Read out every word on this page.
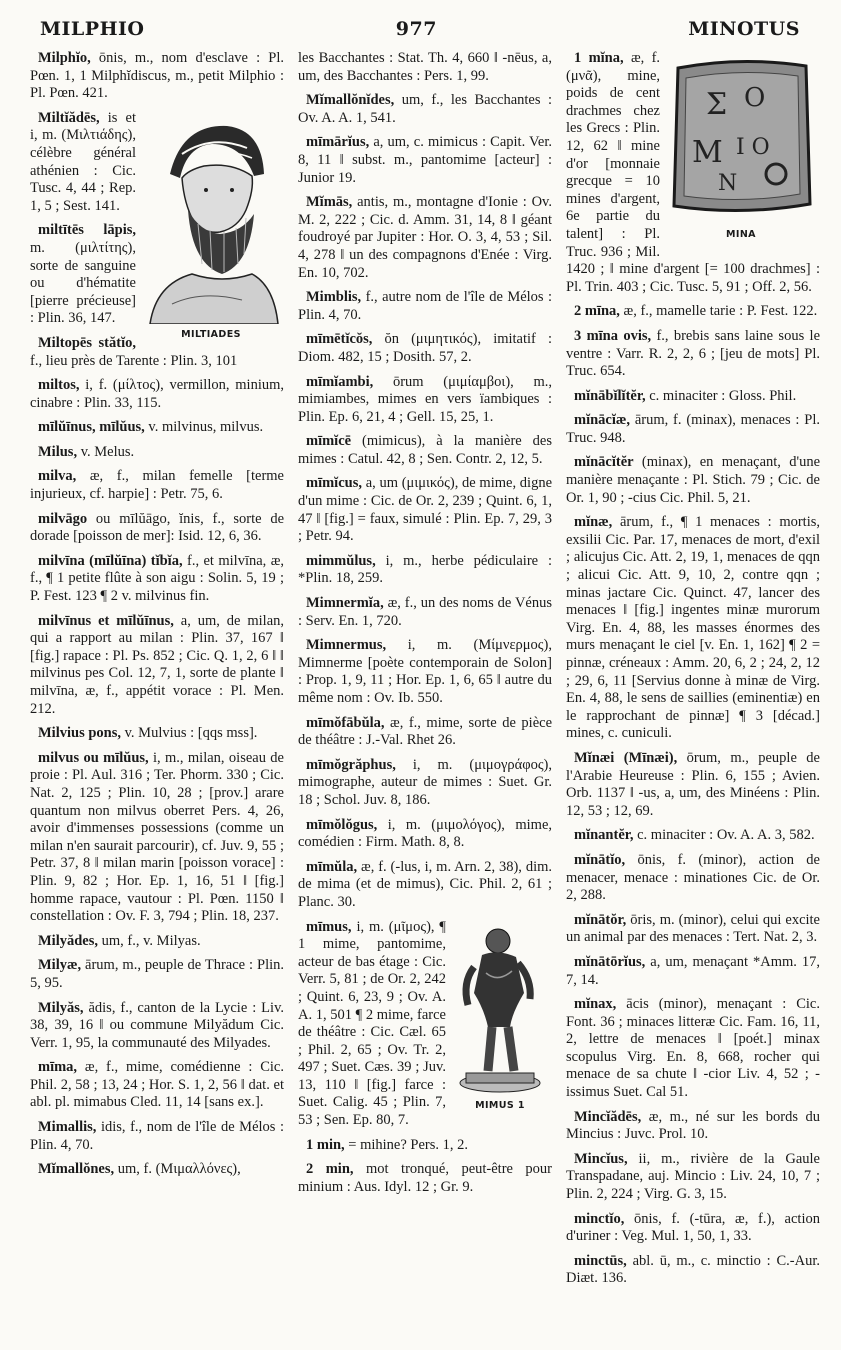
MILPHIO	977	MINOTUS

Milphĭo, ōnis, m., nom d'esclave : Pl. Pœn. 1, 1 Milphĭdiscus, m., petit Milphio : Pl. Pœn. 421.

MILTIADES

Miltĭădēs, is et i, m. (Μιλτιάδης), célèbre général athénien : Cic. Tusc. 4, 44 ; Rep. 1, 5 ; Sest. 141.

miltītēs lāpis, m. (μιλτίτης), sorte de sanguine ou d'hématite [pierre précieuse] : Plin. 36, 147.

Miltopēs stătĭo, f., lieu près de Tarente : Plin. 3, 101

miltos, i, f. (μίλτος), vermillon, minium, cinabre : Plin. 33, 115.

mīlŭīnus, mīlŭus, v. milvinus, milvus.

Milus, v. Melus.

milva, æ, f., milan femelle [terme injurieux, cf. harpie] : Petr. 75, 6.

milvāgo ou mīlŭāgo, ĭnis, f., sorte de dorade [poisson de mer]: Isid. 12, 6, 36.

milvīna (mīlŭīna) tĭbĭa, f., et milvīna, æ, f., ¶ 1 petite flûte à son aigu : Solin. 5, 19 ; P. Fest. 123 ¶ 2 v. milvinus fin.

milvīnus et mīlŭīnus, a, um, de milan, qui a rapport au milan : Plin. 37, 167 ‖ [fig.] rapace : Pl. Ps. 852 ; Cic. Q. 1, 2, 6 ‖ ‖ milvinus pes Col. 12, 7, 1, sorte de plante ‖ milvīna, æ, f., appétit vorace : Pl. Men. 212.

Milvius pons, v. Mulvius : [qqs mss].

milvus ou mīlŭus, i, m., milan, oiseau de proie : Pl. Aul. 316 ; Ter. Phorm. 330 ; Cic. Nat. 2, 125 ; Plin. 10, 28 ; [prov.] arare quantum non milvus oberret Pers. 4, 26, avoir d'immenses possessions (comme un milan n'en saurait parcourir), cf. Juv. 9, 55 ; Petr. 37, 8 ‖ milan marin [poisson vorace] : Plin. 9, 82 ; Hor. Ep. 1, 16, 51 ‖ [fig.] homme rapace, vautour : Pl. Pœn. 1150 ‖ constellation : Ov. F. 3, 794 ; Plin. 18, 237.

Milyădes, um, f., v. Milyas.

Milyæ, ārum, m., peuple de Thrace : Plin. 5, 95.

Milyăs, ădis, f., canton de la Lycie : Liv. 38, 39, 16 ‖ ou commune Milyădum Cic. Verr. 1, 95, la communauté des Milyades.

mīma, æ, f., mime, comédienne : Cic. Phil. 2, 58 ; 13, 24 ; Hor. S. 1, 2, 56 ‖ dat. et abl. pl. mimabus Cled. 11, 14 [sans ex.].

Mimallis, idis, f., nom de l'île de Mélos : Plin. 4, 70.

Mĭmallŏnes, um, f. (Μιμαλλόνες),

les Bacchantes : Stat. Th. 4, 660 ‖ -nēus, a, um, des Bacchantes : Pers. 1, 99.

Mĭmallŏnĭdes, um, f., les Bacchantes : Ov. A. A. 1, 541.

mīmārĭus, a, um, c. mimicus : Capit. Ver. 8, 11 ‖ subst. m., pantomime [acteur] : Junior 19.

Mĭmās, antis, m., montagne d'Ionie : Ov. M. 2, 222 ; Cic. d. Amm. 31, 14, 8 ‖ géant foudroyé par Jupiter : Hor. O. 3, 4, 53 ; Sil. 4, 278 ‖ un des compagnons d'Enée : Virg. En. 10, 702.

Mimblis, f., autre nom de l'île de Mélos : Plin. 4, 70.

mīmētĭcŏs, ŏn (μιμητικός), imitatif : Diom. 482, 15 ; Dosith. 57, 2.

mīmĭambi, ōrum (μιμίαμβοι), m., mimiambes, mimes en vers ïambiques : Plin. Ep. 6, 21, 4 ; Gell. 15, 25, 1.

mīmĭcē (mimicus), à la manière des mimes : Catul. 42, 8 ; Sen. Contr. 2, 12, 5.

mīmĭcus, a, um (μιμικός), de mime, digne d'un mime : Cic. de Or. 2, 239 ; Quint. 6, 1, 47 ‖ [fig.] = faux, simulé : Plin. Ep. 7, 29, 3 ; Petr. 94.

mimmŭlus, i, m., herbe pédiculaire : *Plin. 18, 259.

Mimnermĭa, æ, f., un des noms de Vénus : Serv. En. 1, 720.

Mimnermus, i, m. (Μίμνερμος), Mimnerme [poète contemporain de Solon] : Prop. 1, 9, 11 ; Hor. Ep. 1, 6, 65 ‖ autre du même nom : Ov. Ib. 550.

mīmŏfābŭla, æ, f., mime, sorte de pièce de théâtre : J.-Val. Rhet 26.

mīmŏgrăphus, i, m. (μιμογράφος), mimographe, auteur de mimes : Suet. Gr. 18 ; Schol. Juv. 8, 186.

mīmŏlŏgus, i, m. (μιμολόγος), mime, comédien : Firm. Math. 8, 8.

mīmŭla, æ, f. (-lus, i, m. Arn. 2, 38), dim. de mima (et de mimus), Cic. Phil. 2, 61 ; Planc. 30.

MIMUS 1

mīmus, i, m. (μῖμος), ¶ 1 mime, pantomime, acteur de bas étage : Cic. Verr. 5, 81 ; de Or. 2, 242 ; Quint. 6, 23, 9 ; Ov. A. A. 1, 501 ¶ 2 mime, farce de théâtre : Cic. Cæl. 65 ; Phil. 2, 65 ; Ov. Tr. 2, 497 ; Suet. Cæs. 39 ; Juv. 13, 110 ‖ [fig.] farce : Suet. Calig. 45 ; Plin. 7, 53 ; Sen. Ep. 80, 7.

1 min, = mihine? Pers. 1, 2.

2 min, mot tronqué, peut-être pour minium : Aus. Idyl. 12 ; Gr. 9.

Σ Ο
Μ Ι Ο
Ν
MINA

1 mĭna, æ, f. (μνᾶ), mine, poids de cent drachmes chez les Grecs : Plin. 12, 62 ‖ mine d'or [monnaie grecque = 10 mines d'argent, 6e partie du talent] : Pl. Truc. 936 ; Mil. 1420 ; ‖ mine d'argent [= 100 drachmes] : Pl. Trin. 403 ; Cic. Tusc. 5, 91 ; Off. 2, 56.

2 mīna, æ, f., mamelle tarie : P. Fest. 122.

3 mīna ovis, f., brebis sans laine sous le ventre : Varr. R. 2, 2, 6 ; [jeu de mots] Pl. Truc. 654.

mĭnābĭlĭtĕr, c. minaciter : Gloss. Phil.

mĭnācĭæ, ārum, f. (minax), menaces : Pl. Truc. 948.

mĭnācĭtĕr (minax), en menaçant, d'une manière menaçante : Pl. Stich. 79 ; Cic. de Or. 1, 90 ; -cius Cic. Phil. 5, 21.

mĭnæ, ārum, f., ¶ 1 menaces : mortis, exsilii Cic. Par. 17, menaces de mort, d'exil ; alicujus Cic. Att. 2, 19, 1, menaces de qqn ; alicui Cic. Att. 9, 10, 2, contre qqn ; minas jactare Cic. Quinct. 47, lancer des menaces ‖ [fig.] ingentes minæ murorum Virg. En. 4, 88, les masses énormes des murs menaçant le ciel [v. En. 1, 162] ¶ 2 = pinnæ, créneaux : Amm. 20, 6, 2 ; 24, 2, 12 ; 29, 6, 11 [Servius donne à minæ de Virg. En. 4, 88, le sens de saillies (eminentiæ) en le rapprochant de pinnæ] ¶ 3 [décad.] mines, c. cuniculi.

Mĭnæi (Mīnæi), ōrum, m., peuple de l'Arabie Heureuse : Plin. 6, 155 ; Avien. Orb. 1137 ‖ -us, a, um, des Minéens : Plin. 12, 53 ; 12, 69.

mĭnantĕr, c. minaciter : Ov. A. A. 3, 582.

mĭnātĭo, ōnis, f. (minor), action de menacer, menace : minationes Cic. de Or. 2, 288.

mĭnātŏr, ōris, m. (minor), celui qui excite un animal par des menaces : Tert. Nat. 2, 3.

mĭnātōrĭus, a, um, menaçant *Amm. 17, 7, 14.

mĭnax, ācis (minor), menaçant : Cic. Font. 36 ; minaces litteræ Cic. Fam. 16, 11, 2, lettre de menaces ‖ [poét.] minax scopulus Virg. En. 8, 668, rocher qui menace de sa chute ‖ -cior Liv. 4, 52 ; -issimus Suet. Cal 51.

Mincĭădēs, æ, m., né sur les bords du Mincius : Juvc. Prol. 10.

Mincĭus, ii, m., rivière de la Gaule Transpadane, auj. Mincio : Liv. 24, 10, 7 ; Plin. 2, 224 ; Virg. G. 3, 15.

minctĭo, ōnis, f. (-tūra, æ, f.), action d'uriner : Veg. Mul. 1, 50, 1, 33.

minctūs, abl. ū, m., c. minctio : C.-Aur. Diæt. 136.
